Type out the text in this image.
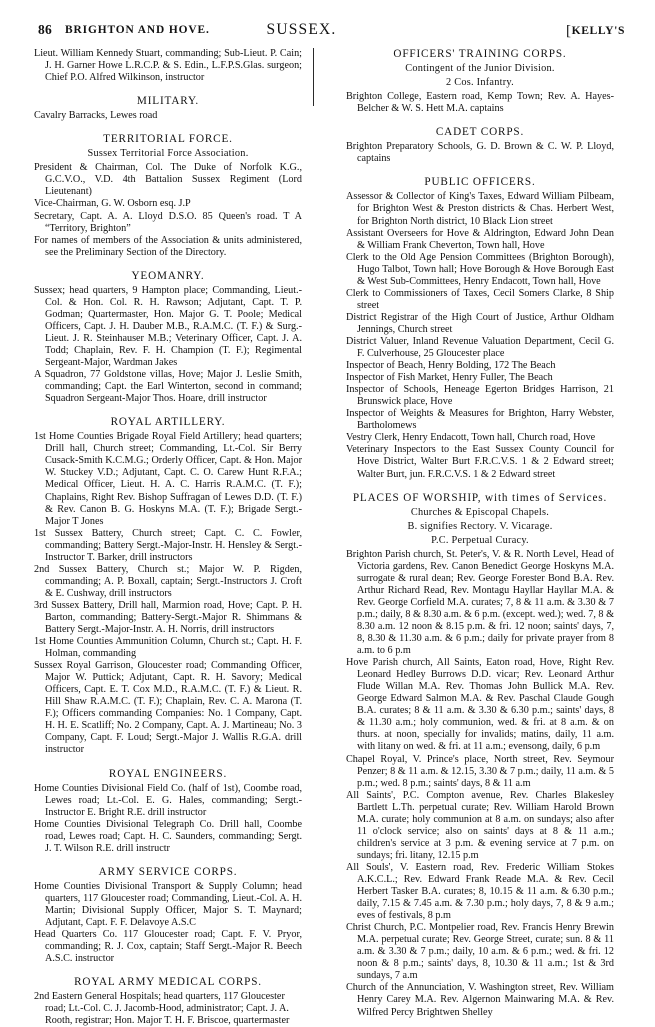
86 BRIGHTON AND HOVE.	SUSSEX.	[KELLY'S

Lieut. William Kennedy Stuart, commanding; Sub-Lieut. P. Cain; J. H. Garner Howe L.R.C.P. & S. Edin., L.F.P.S.Glas. surgeon; Chief P.O. Alfred Wilkinson, instructor

MILITARY.

Cavalry Barracks, Lewes road

TERRITORIAL FORCE.
Sussex Territorial Force Association.

President & Chairman, Col. The Duke of Norfolk K.G., G.C.V.O., V.D. 4th Battalion Sussex Regiment (Lord Lieutenant)

Vice-Chairman, G. W. Osborn esq. J.P

Secretary, Capt. A. A. Lloyd D.S.O. 85 Queen's road. T A “Territory, Brighton”

For names of members of the Association & units administered, see the Preliminary Section of the Directory.

YEOMANRY.

Sussex; head quarters, 9 Hampton place; Commanding, Lieut.-Col. & Hon. Col. R. H. Rawson; Adjutant, Capt. T. P. Godman; Quartermaster, Hon. Major G. T. Poole; Medical Officers, Capt. J. H. Dauber M.B., R.A.M.C. (T. F.) & Surg.-Lieut. J. R. Steinhauser M.B.; Veterinary Officer, Capt. J. A. Todd; Chaplain, Rev. F. H. Champion (T. F.); Regimental Sergeant-Major, Wardman Jakes

A Squadron, 77 Goldstone villas, Hove; Major J. Leslie Smith, commanding; Capt. the Earl Winterton, second in command; Squadron Sergeant-Major Thos. Hoare, drill instructor

ROYAL ARTILLERY.

1st Home Counties Brigade Royal Field Artillery; head quarters; Drill hall, Church street; Commanding, Lt.-Col. Sir Berry Cusack-Smith K.C.M.G.; Orderly Officer, Capt. & Hon. Major W. Stuckey V.D.; Adjutant, Capt. C. O. Carew Hunt R.F.A.; Medical Officer, Lieut. H. A. C. Harris R.A.M.C. (T. F.); Chaplains, Right Rev. Bishop Suffragan of Lewes D.D. (T. F.) & Rev. Canon B. G. Hoskyns M.A. (T. F.); Brigade Sergt.-Major T Jones

1st Sussex Battery, Church street; Capt. C. C. Fowler, commanding; Battery Sergt.-Major-Instr. H. Hensley & Sergt.-Instructor T. Barker, drill instructors

2nd Sussex Battery, Church st.; Major W. P. Rigden, commanding; A. P. Boxall, captain; Sergt.-Instructors J. Croft & E. Cushway, drill instructors

3rd Sussex Battery, Drill hall, Marmion road, Hove; Capt. P. H. Barton, commanding; Battery-Sergt.-Major R. Shimmans & Battery Sergt.-Major-Instr. A. H. Norris, drill instructors

1st Home Counties Ammunition Column, Church st.; Capt. H. F. Holman, commanding

Sussex Royal Garrison, Gloucester road; Commanding Officer, Major W. Puttick; Adjutant, Capt. R. H. Savory; Medical Officers, Capt. E. T. Cox M.D., R.A.M.C. (T. F.) & Lieut. R. Hill Shaw R.A.M.C. (T. F.); Chaplain, Rev. C. A. Marona (T. F.); Officers commanding Companies: No. 1 Company, Capt. H. H. E. Scatliff; No. 2 Company, Capt. A. J. Martineau; No. 3 Company, Capt. F. Loud; Sergt.-Major J. Wallis R.G.A. drill instructor

ROYAL ENGINEERS.

Home Counties Divisional Field Co. (half of 1st), Coombe road, Lewes road; Lt.-Col. E. G. Hales, commanding; Sergt.-Instructor E. Bright R.E. drill instructor

Home Counties Divisional Telegraph Co. Drill hall, Coombe road, Lewes road; Capt. H. C. Saunders, commanding; Sergt. J. T. Wilson R.E. drill instructr

ARMY SERVICE CORPS.

Home Counties Divisional Transport & Supply Column; head quarters, 117 Gloucester road; Commanding, Lieut.-Col. A. H. Martin; Divisional Supply Officer, Major S. T. Maynard; Adjutant, Capt. F. F. Delavoye A.S.C

Head Quarters Co. 117 Gloucester road; Capt. F. V. Pryor, commanding; R. J. Cox, captain; Staff Sergt.-Major R. Beech A.S.C. instructor

ROYAL ARMY MEDICAL CORPS.

2nd Eastern General Hospitals; head quarters, 117 Gloucester road; Lt.-Col. C. J. Jacomb-Hood, administrator; Capt. J. A. Rooth, registrar; Hon. Major T. H. F. Briscoe, quartermaster

OFFICERS' TRAINING CORPS.
Contingent of the Junior Division.
2 Cos. Infantry.

Brighton College, Eastern road, Kemp Town; Rev. A. Hayes-Belcher & W. S. Hett M.A. captains

CADET CORPS.

Brighton Preparatory Schools, G. D. Brown & C. W. P. Lloyd, captains

PUBLIC OFFICERS.

Assessor & Collector of King's Taxes, Edward William Pilbeam, for Brighton West & Preston districts & Chas. Herbert West, for Brighton North district, 10 Black Lion street

Assistant Overseers for Hove & Aldrington, Edward John Dean & William Frank Cheverton, Town hall, Hove

Clerk to the Old Age Pension Committees (Brighton Borough), Hugo Talbot, Town hall; Hove Borough & Hove Borough East & West Sub-Committees, Henry Endacott, Town hall, Hove

Clerk to Commissioners of Taxes, Cecil Somers Clarke, 8 Ship street

District Registrar of the High Court of Justice, Arthur Oldham Jennings, Church street

District Valuer, Inland Revenue Valuation Department, Cecil G. F. Culverhouse, 25 Gloucester place

Inspector of Beach, Henry Bolding, 172 The Beach

Inspector of Fish Market, Henry Fuller, The Beach

Inspector of Schools, Heneage Egerton Bridges Harrison, 21 Brunswick place, Hove

Inspector of Weights & Measures for Brighton, Harry Webster, Bartholomews

Vestry Clerk, Henry Endacott, Town hall, Church road, Hove

Veterinary Inspectors to the East Sussex County Council for Hove District, Walter Burt F.R.C.V.S. 1 & 2 Edward street; Walter Burt, jun. F.R.C.V.S. 1 & 2 Edward street

PLACES OF WORSHIP, with times of Services.
Churches & Episcopal Chapels.
B. signifies Rectory. V. Vicarage.
P.C. Perpetual Curacy.

Brighton Parish church, St. Peter's, V. & R. North Level, Head of Victoria gardens, Rev. Canon Benedict George Hoskyns M.A. surrogate & rural dean; Rev. George Forester Bond B.A. Rev. Arthur Richard Read, Rev. Montagu Hayllar Hayllar M.A. & Rev. George Corfield M.A. curates; 7, 8 & 11 a.m. & 3.30 & 7 p.m.; daily, 8 & 8.30 a.m. & 6 p.m. (except. wed.); wed. 7, 8 & 8.30 a.m. 12 noon & 8.15 p.m. & fri. 12 noon; saints' days, 7, 8, 8.30 & 11.30 a.m. & 6 p.m.; daily for private prayer from 8 a.m. to 6 p.m

Hove Parish church, All Saints, Eaton road, Hove, Right Rev. Leonard Hedley Burrows D.D. vicar; Rev. Leonard Arthur Flude Willan M.A. Rev. Thomas John Bullick M.A. Rev. George Edward Salmon M.A. & Rev. Paschal Claude Gough B.A. curates; 8 & 11 a.m. & 3.30 & 6.30 p.m.; saints' days, 8 & 11.30 a.m.; holy communion, wed. & fri. at 8 a.m. & on thurs. at noon, specially for invalids; matins, daily, 11 a.m. with litany on wed. & fri. at 11 a.m.; evensong, daily, 6 p.m

Chapel Royal, V. Prince's place, North street, Rev. Seymour Penzer; 8 & 11 a.m. & 12.15, 3.30 & 7 p.m.; daily, 11 a.m. & 5 p.m.; wed. 8 p.m.; saints' days, 8 & 11 a.m

All Saints', P.C. Compton avenue, Rev. Charles Blakesley Bartlett L.Th. perpetual curate; Rev. William Harold Brown M.A. curate; holy communion at 8 a.m. on sundays; also after 11 o'clock service; also on saints' days at 8 & 11 a.m.; children's service at 3 p.m. & evening service at 7 p.m. on sundays; fri. litany, 12.15 p.m

All Souls', V. Eastern road, Rev. Frederic William Stokes A.K.C.L.; Rev. Edward Frank Reade M.A. & Rev. Cecil Herbert Tasker B.A. curates; 8, 10.15 & 11 a.m. & 6.30 p.m.; daily, 7.15 & 7.45 a.m. & 7.30 p.m.; holy days, 7, 8 & 9 a.m.; eves of festivals, 8 p.m

Christ Church, P.C. Montpelier road, Rev. Francis Henry Brewin M.A. perpetual curate; Rev. George Street, curate; sun. 8 & 11 a.m. & 3.30 & 7 p.m.; daily, 10 a.m. & 6 p.m.; wed. & fri. 12 noon & 8 p.m.; saints' days, 8, 10.30 & 11 a.m.; 1st & 3rd sundays, 7 a.m

Church of the Annunciation, V. Washington street, Rev. William Henry Carey M.A. Rev. Algernon Mainwaring M.A. & Rev. Wilfred Percy Brightwen Shelley
